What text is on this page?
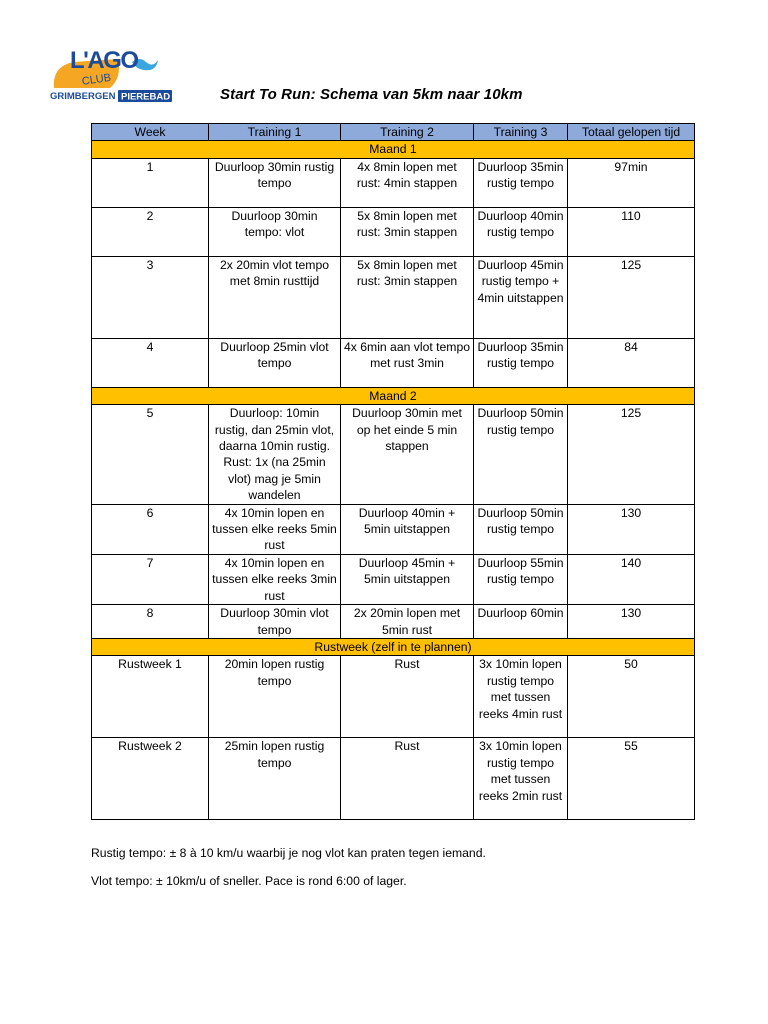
L'AGO
CLUB
GRIMBERGEN PIEREBAD	Start To Run: Schema van 5km naar 10km
Week	Training 1	Training 2	Training 3	Totaal gelopen tijd
Maand 1				
1	Duurloop 30min rustig tempo	4x 8min lopen met rust: 4min stappen	Duurloop 35min rustig tempo	97min
2	Duurloop 30min tempo: vlot	5x 8min lopen met rust: 3min stappen	Duurloop 40min rustig tempo	110
3	2x 20min vlot tempo met 8min rusttijd	5x 8min lopen met rust: 3min stappen	Duurloop 45min rustig tempo + 4min uitstappen	125
4	Duurloop 25min vlot tempo	4x 6min aan vlot tempo met rust 3min	Duurloop 35min rustig tempo	84
Maand 2				
5	Duurloop: 10min rustig, dan 25min vlot, daarna 10min rustig. Rust: 1x (na 25min vlot) mag je 5min wandelen	Duurloop 30min met op het einde 5 min stappen	Duurloop 50min rustig tempo	125
6	4x 10min lopen en tussen elke reeks 5min rust	Duurloop 40min + 5min uitstappen	Duurloop 50min rustig tempo	130
7	4x 10min lopen en tussen elke reeks 3min rust	Duurloop 45min + 5min uitstappen	Duurloop 55min rustig tempo	140
8	Duurloop 30min vlot tempo	2x 20min lopen met 5min rust	Duurloop 60min	130
Rustweek (zelf in te plannen)				
Rustweek 1	20min lopen rustig tempo	Rust	3x 10min lopen rustig tempo met tussen reeks 4min rust	50
Rustweek 2	25min lopen rustig tempo	Rust	3x 10min lopen rustig tempo met tussen reeks 2min rust	55
Rustig tempo: ± 8 à 10 km/u waarbij je nog vlot kan praten tegen iemand.
Vlot tempo: ± 10km/u of sneller. Pace is rond 6:00 of lager.
